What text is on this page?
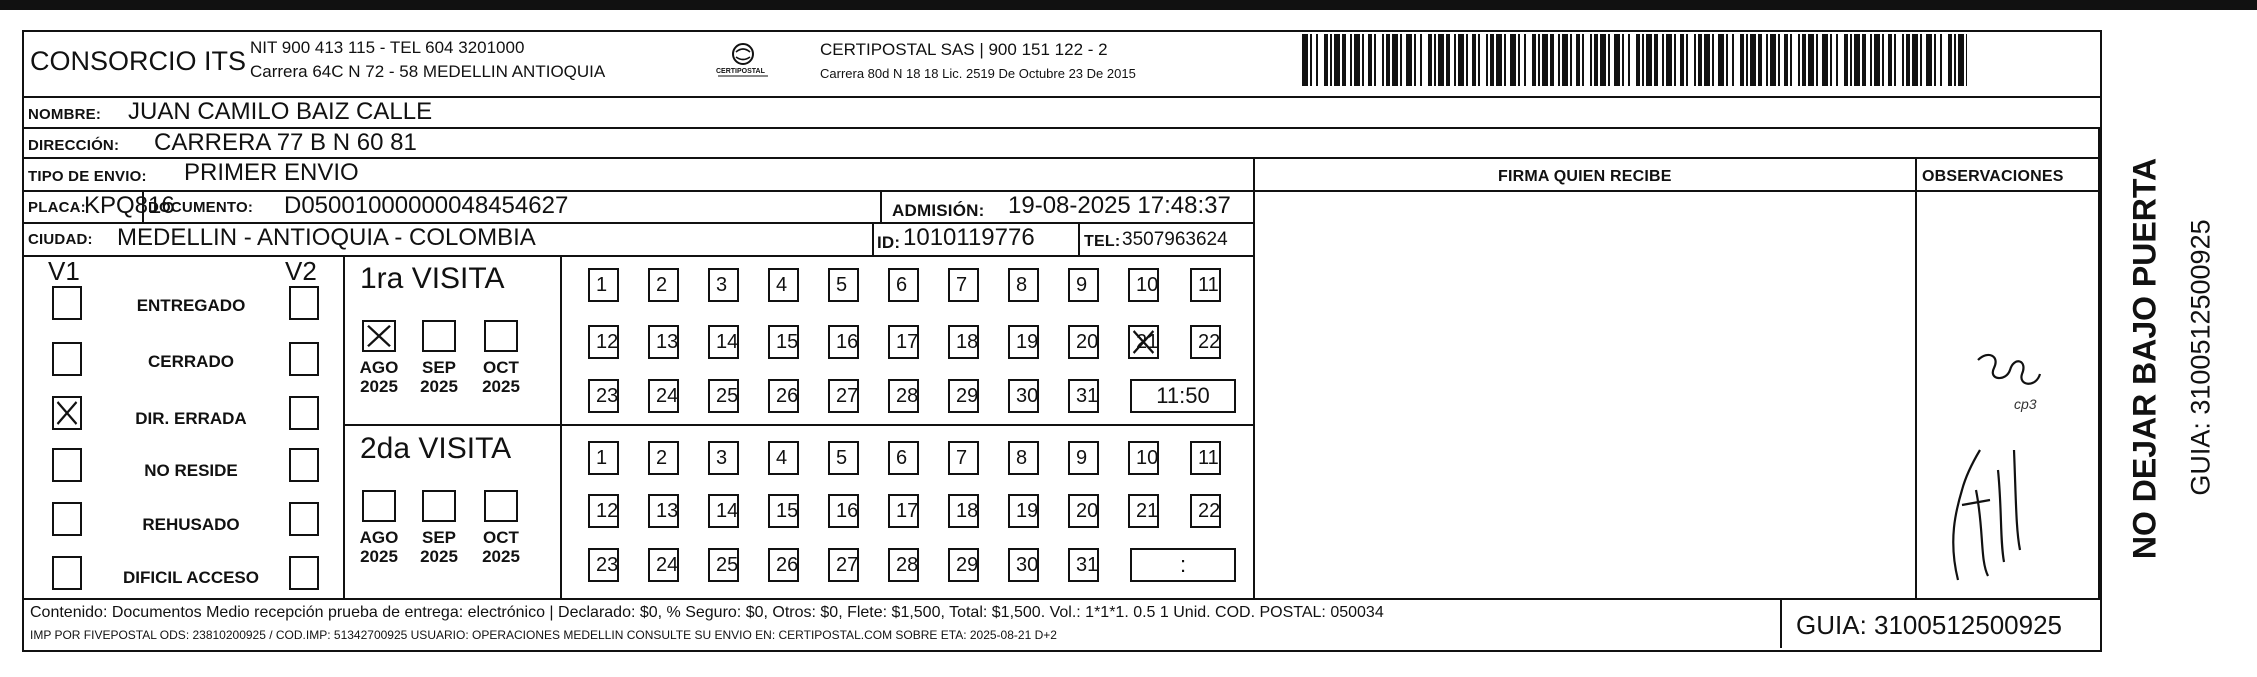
CONSORCIO ITS NIT 900 413 115 - TEL 604 3201000
Carrera 64C N 72 - 58 MEDELLIN ANTIOQUIA	CERTIPOSTAL
CERTIPOSTAL SAS | 900 151 122 - 2
Carrera 80d N 18 18 Lic. 2519 De Octubre 23 De 2015
NOMBRE: JUAN CAMILO BAIZ CALLE
DIRECCIÓN: CARRERA 77 B N 60 81
TIPO DE ENVIO: PRIMER ENVIO	FIRMA QUIEN RECIBE	OBSERVACIONES
PLACA:
KPQ816
DOCUMENTO: D05001000000048454627	ADMISIÓN: 19-08-2025 17:48:37
CIUDAD: MEDELLIN - ANTIOQUIA - COLOMBIA	ID: 1010119776	TEL: 3507963624
V1	V2
ENTREGADO
CERRADO
DIR. ERRADA
NO RESIDE
REHUSADO
DIFICIL ACCESO
1ra VISITA
AGO
2025
SEP
2025
OCT
2025
1	2	3	4	5	6	7	8	9	10	11
12	13	14	15	16	17	18	19	20	21	22
23	24	25	26	27	28	29	30	31	11:50
2da VISITA
AGO
2025
SEP
2025
OCT
2025
1	2	3	4	5	6	7	8	9	10	11
12	13	14	15	16	17	18	19	20	21	22
23	24	25	26	27	28	29	30	31	:
cp3
Contenido: Documentos Medio recepción prueba de entrega: electrónico | Declarado: $0, % Seguro: $0, Otros: $0, Flete: $1,500, Total: $1,500. Vol.: 1*1*1. 0.5 1 Unid. COD. POSTAL: 050034
IMP POR FIVEPOSTAL ODS: 23810200925 / COD.IMP: 51342700925 USUARIO: OPERACIONES MEDELLIN CONSULTE SU ENVIO EN: CERTIPOSTAL.COM SOBRE ETA: 2025-08-21 D+2	GUIA: 3100512500925
NO DEJAR BAJO PUERTA GUIA: 3100512500925
